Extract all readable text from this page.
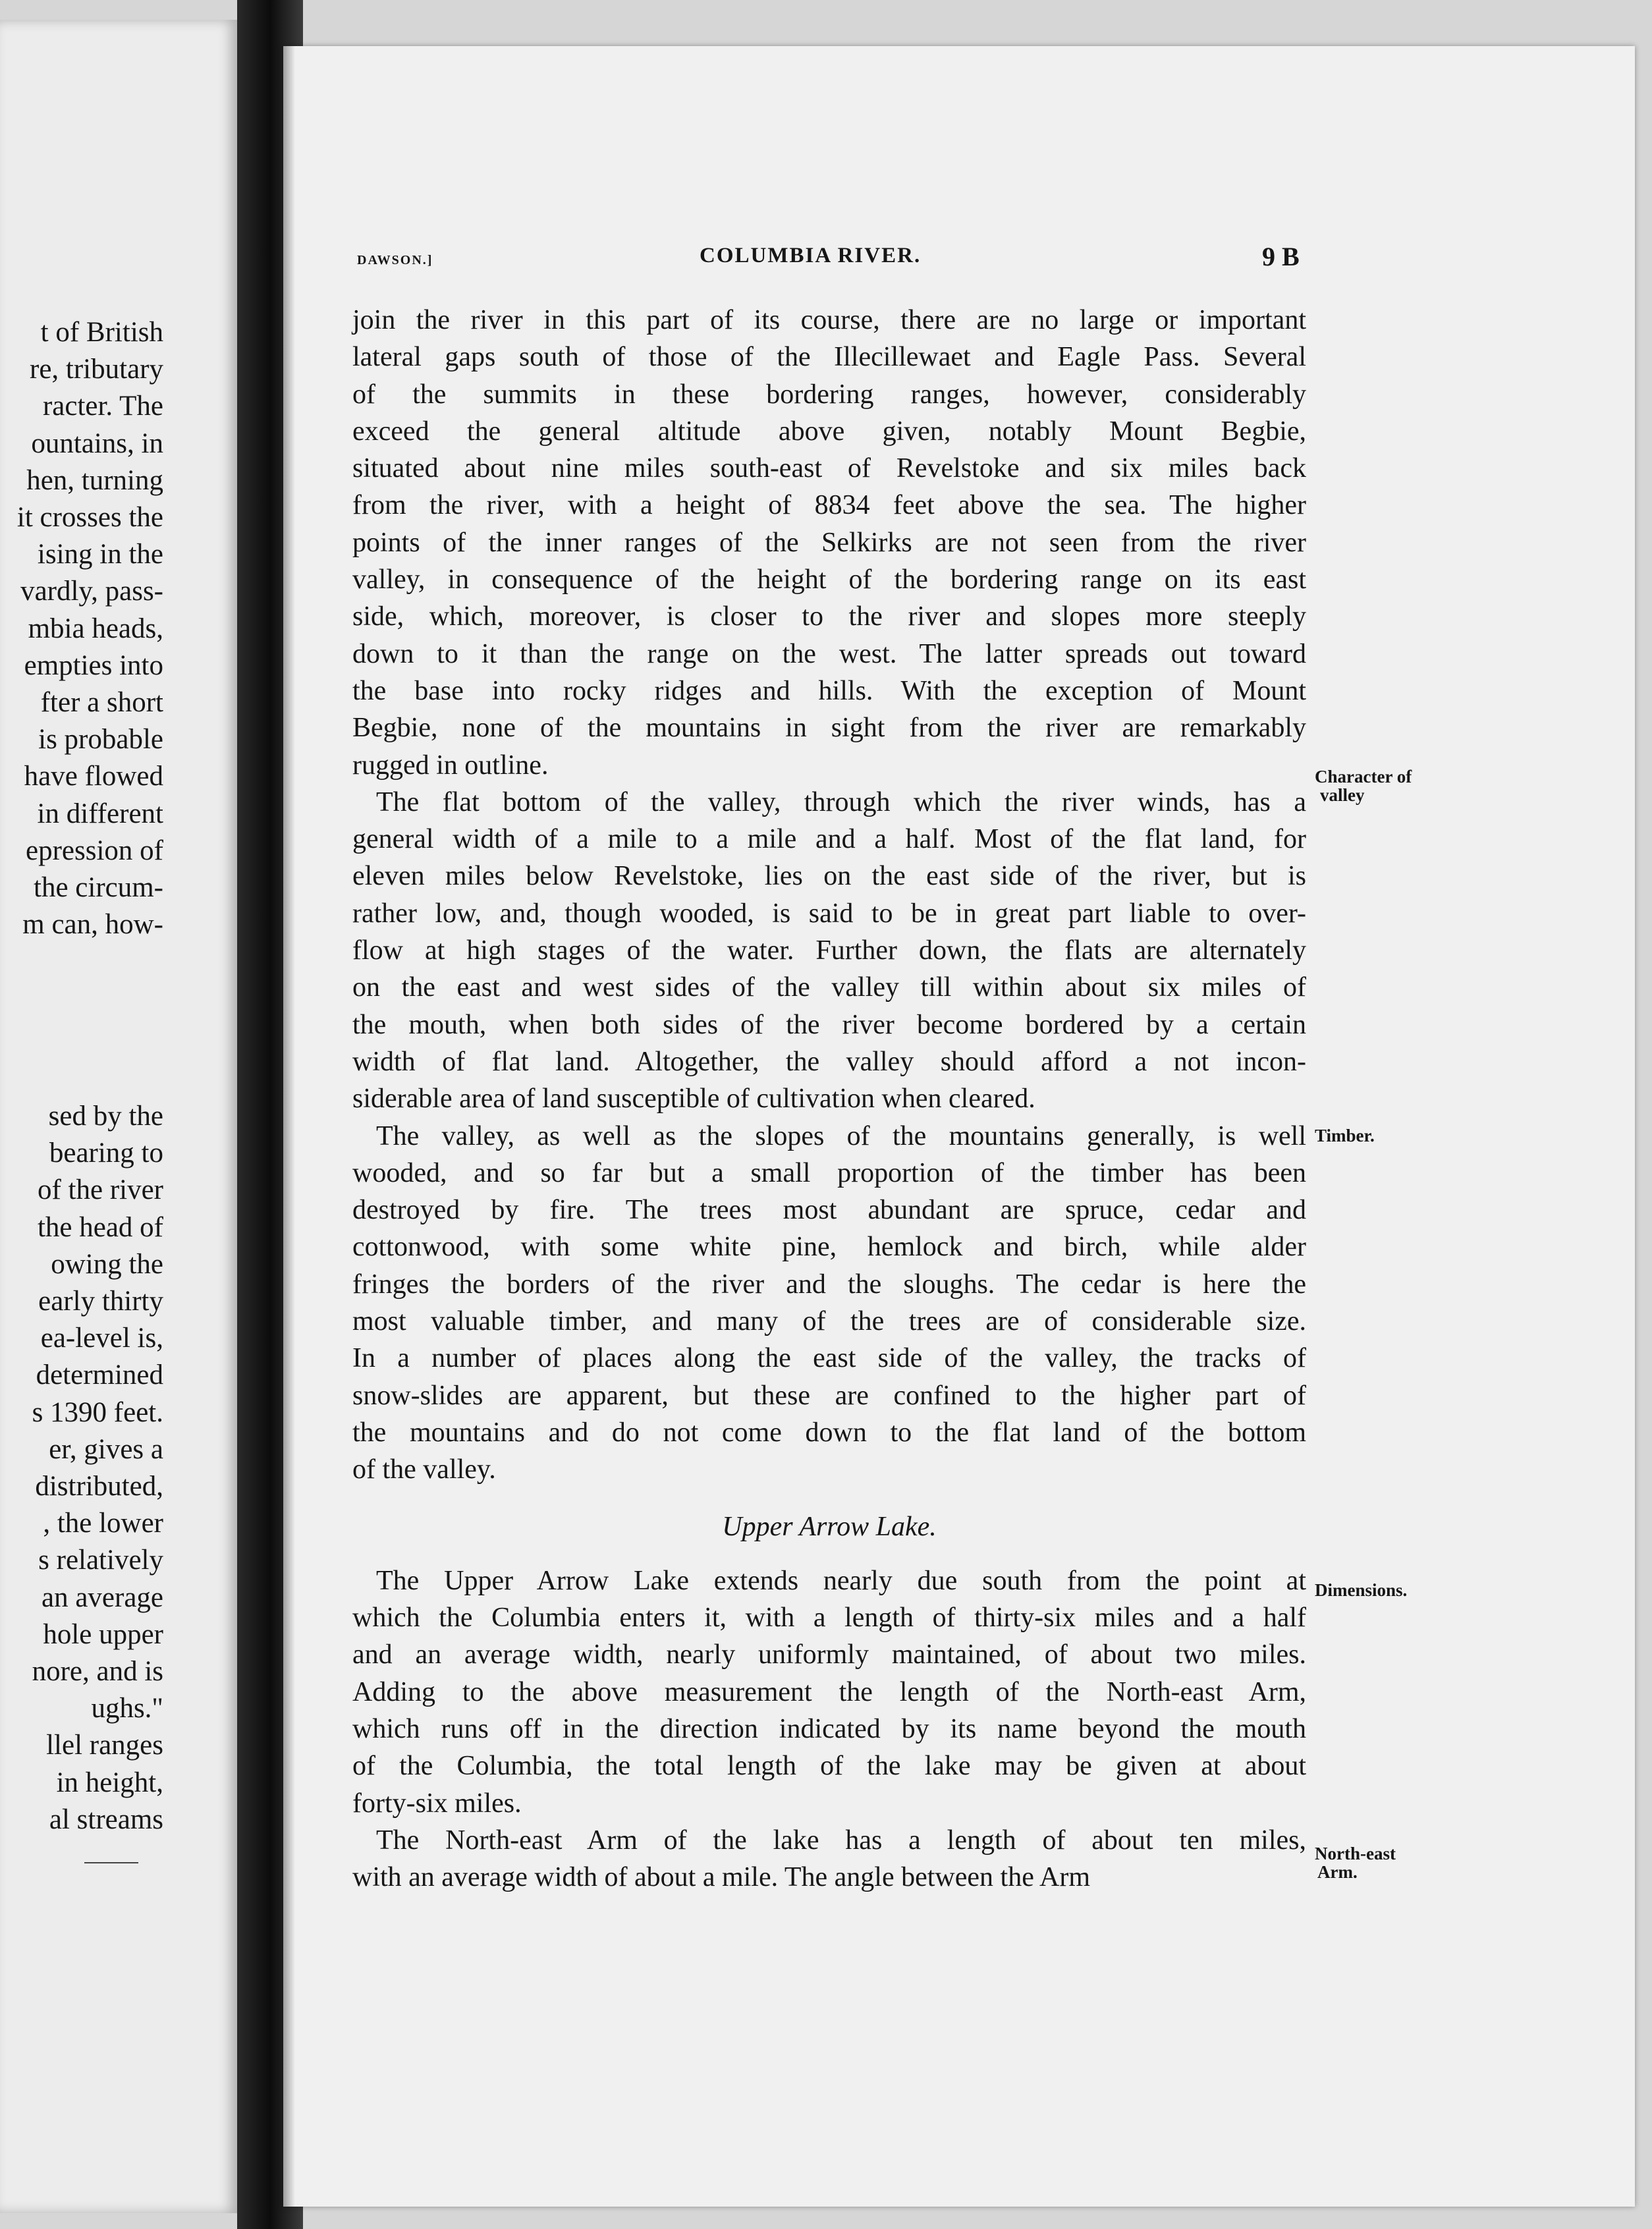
t of British
re, tributary
racter. The
ountains, in
hen, turning
it crosses the
ising in the
vardly, pass-
mbia heads,
empties into
fter a short
is probable
have flowed
in different
epression of
the circum-
m can, how-
sed by the
bearing to
of the river
the head of
owing the
early thirty
ea-level is,
determined
s 1390 feet.
er, gives a
distributed,
, the lower
s relatively
an average
hole upper
nore, and is
ughs."
llel ranges
in height,
al streams
DAWSON.]	COLUMBIA RIVER.	9 B
join the river in this part of its course, there are no large or important
lateral gaps south of those of the Illecillewaet and Eagle Pass. Several
of the summits in these bordering ranges, however, considerably
exceed the general altitude above given, notably Mount Begbie,
situated about nine miles south-east of Revelstoke and six miles back
from the river, with a height of 8834 feet above the sea. The higher
points of the inner ranges of the Selkirks are not seen from the river
valley, in consequence of the height of the bordering range on its east
side, which, moreover, is closer to the river and slopes more steeply
down to it than the range on the west. The latter spreads out toward
the base into rocky ridges and hills. With the exception of Mount
Begbie, none of the mountains in sight from the river are remarkably
rugged in outline.
The flat bottom of the valley, through which the river winds, has a
general width of a mile to a mile and a half. Most of the flat land, for
eleven miles below Revelstoke, lies on the east side of the river, but is
rather low, and, though wooded, is said to be in great part liable to over-
flow at high stages of the water. Further down, the flats are alternately
on the east and west sides of the valley till within about six miles of
the mouth, when both sides of the river become bordered by a certain
width of flat land. Altogether, the valley should afford a not incon-
siderable area of land susceptible of cultivation when cleared.
The valley, as well as the slopes of the mountains generally, is well
wooded, and so far but a small proportion of the timber has been
destroyed by fire. The trees most abundant are spruce, cedar and
cottonwood, with some white pine, hemlock and birch, while alder
fringes the borders of the river and the sloughs. The cedar is here the
most valuable timber, and many of the trees are of considerable size.
In a number of places along the east side of the valley, the tracks of
snow-slides are apparent, but these are confined to the higher part of
the mountains and do not come down to the flat land of the bottom
of the valley.
Upper Arrow Lake.
The Upper Arrow Lake extends nearly due south from the point at
which the Columbia enters it, with a length of thirty-six miles and a half
and an average width, nearly uniformly maintained, of about two miles.
Adding to the above measurement the length of the North-east Arm,
which runs off in the direction indicated by its name beyond the mouth
of the Columbia, the total length of the lake may be given at about
forty-six miles.
The North-east Arm of the lake has a length of about ten miles,
with an average width of about a mile. The angle between the Arm
Character of
valley
Timber.
Dimensions.
North-east
Arm.
